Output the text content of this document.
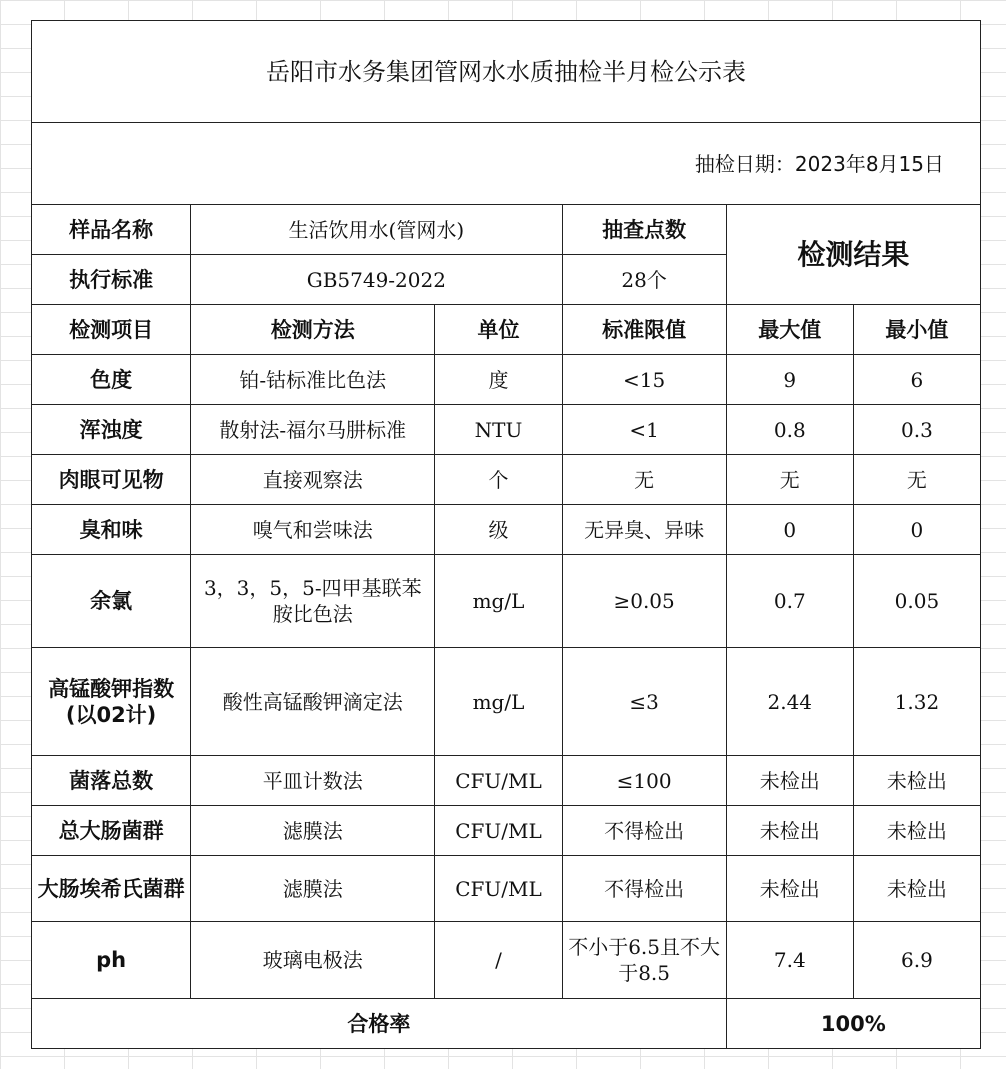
岳阳市水务集团管网水水质抽检半月检公示表					
抽检日期：2023年8月15日					
样品名称	生活饮用水(管网水)		抽查点数	检测结果	
执行标准	GB5749-2022		28个		
检测项目	检测方法	单位	标准限值	最大值	最小值
色度	铂-钴标准比色法	度	<15	9	6
浑浊度	散射法-福尔马肼标准	NTU	<1	0.8	0.3
肉眼可见物	直接观察法	个	无	无	无
臭和味	嗅气和尝味法	级	无异臭、异味	0	0
余氯	3，3，5，5-四甲基联苯胺比色法	mg/L	≥0.05	0.7	0.05
高锰酸钾指数(以02计)	酸性高锰酸钾滴定法	mg/L	≤3	2.44	1.32
菌落总数	平皿计数法	CFU/ML	≤100	未检出	未检出
总大肠菌群	滤膜法	CFU/ML	不得检出	未检出	未检出
大肠埃希氏菌群	滤膜法	CFU/ML	不得检出	未检出	未检出
ph	玻璃电极法	/	不小于6.5且不大于8.5	7.4	6.9
合格率				100%	
